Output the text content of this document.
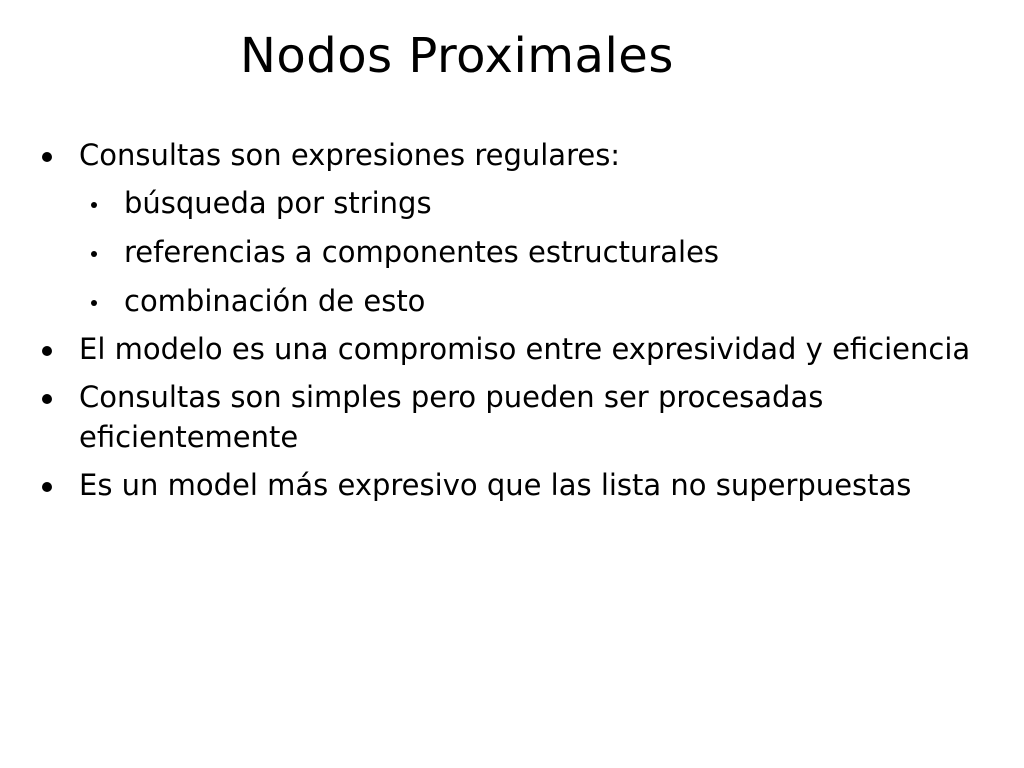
Nodos Proximales
Consultas son expresiones regulares:
búsqueda por strings
referencias a componentes estructurales
combinación de esto
El modelo es una compromiso entre expresividad y eficiencia
Consultas son simples pero pueden ser procesadas eficientemente
Es un model más expresivo que las lista no superpuestas
